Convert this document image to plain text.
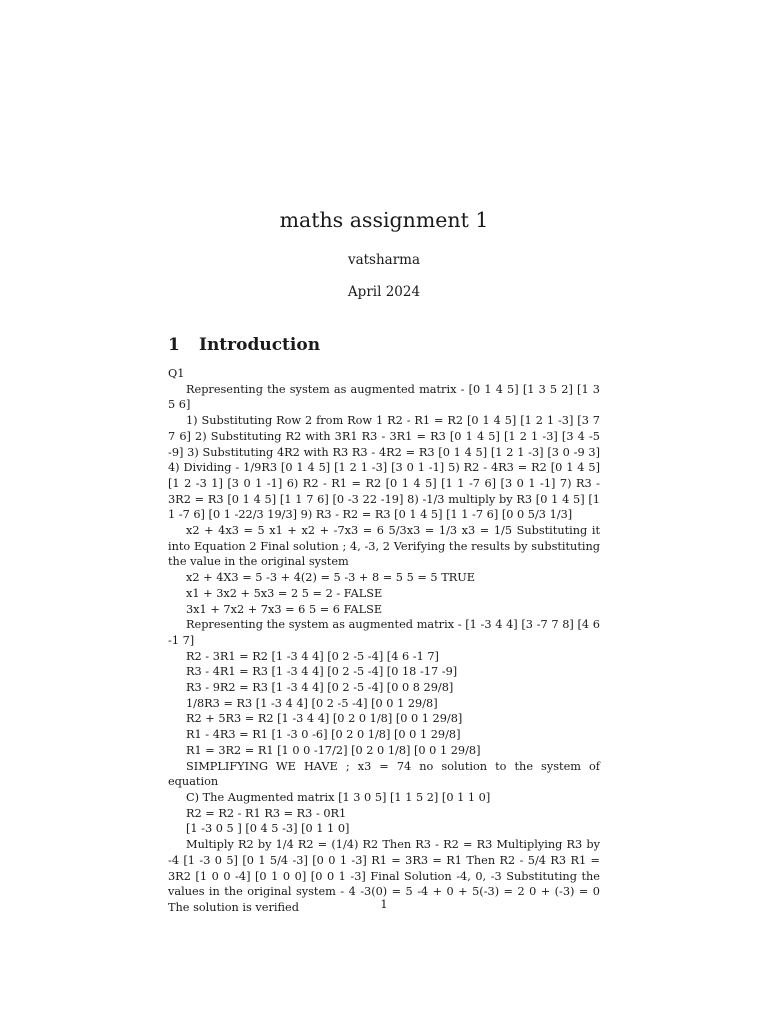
maths assignment 1
vatsharma
April 2024
1 Introduction

Q1

Representing the system as augmented matrix - [0 1 4 5] [1 3 5 2] [1 3 5 6]

1) Substituting Row 2 from Row 1 R2 - R1 = R2 [0 1 4 5] [1 2 1 -3] [3 7 7 6] 2) Substituting R2 with 3R1 R3 - 3R1 = R3 [0 1 4 5] [1 2 1 -3] [3 4 -5 -9] 3) Substituting 4R2 with R3 R3 - 4R2 = R3 [0 1 4 5] [1 2 1 -3] [3 0 -9 3] 4) Dividing - 1/9R3 [0 1 4 5] [1 2 1 -3] [3 0 1 -1] 5) R2 - 4R3 = R2 [0 1 4 5] [1 2 -3 1] [3 0 1 -1] 6) R2 - R1 = R2 [0 1 4 5] [1 1 -7 6] [3 0 1 -1] 7) R3 - 3R2 = R3 [0 1 4 5] [1 1 7 6] [0 -3 22 -19] 8) -1/3 multiply by R3 [0 1 4 5] [1 1 -7 6] [0 1 -22/3 19/3] 9) R3 - R2 = R3 [0 1 4 5] [1 1 -7 6] [0 0 5/3 1/3]

x2 + 4x3 = 5 x1 + x2 + -7x3 = 6 5/3x3 = 1/3 x3 = 1/5 Substituting it into Equation 2 Final solution ; 4, -3, 2 Verifying the results by substituting the value in the original system

x2 + 4X3 = 5 -3 + 4(2) = 5 -3 + 8 = 5 5 = 5 TRUE

x1 + 3x2 + 5x3 = 2 5 = 2 - FALSE

3x1 + 7x2 + 7x3 = 6 5 = 6 FALSE

Representing the system as augmented matrix - [1 -3 4 4] [3 -7 7 8] [4 6 -1 7]

R2 - 3R1 = R2 [1 -3 4 4] [0 2 -5 -4] [4 6 -1 7]

R3 - 4R1 = R3 [1 -3 4 4] [0 2 -5 -4] [0 18 -17 -9]

R3 - 9R2 = R3 [1 -3 4 4] [0 2 -5 -4] [0 0 8 29/8]

1/8R3 = R3 [1 -3 4 4] [0 2 -5 -4] [0 0 1 29/8]

R2 + 5R3 = R2 [1 -3 4 4] [0 2 0 1/8] [0 0 1 29/8]

R1 - 4R3 = R1 [1 -3 0 -6] [0 2 0 1/8] [0 0 1 29/8]

R1 = 3R2 = R1 [1 0 0 -17/2] [0 2 0 1/8] [0 0 1 29/8]

SIMPLIFYING WE HAVE ; x3 = 74 no solution to the system of equation

C) The Augmented matrix [1 3 0 5] [1 1 5 2] [0 1 1 0]

R2 = R2 - R1 R3 = R3 - 0R1

[1 -3 0 5 ] [0 4 5 -3] [0 1 1 0]

Multiply R2 by 1/4 R2 = (1/4) R2 Then R3 - R2 = R3 Multiplying R3 by -4 [1 -3 0 5] [0 1 5/4 -3] [0 0 1 -3] R1 = 3R3 = R1 Then R2 - 5/4 R3 R1 = 3R2 [1 0 0 -4] [0 1 0 0] [0 0 1 -3] Final Solution -4, 0, -3 Substituting the values in the original system - 4 -3(0) = 5 -4 + 0 + 5(-3) = 2 0 + (-3) = 0 The solution is verified	1
